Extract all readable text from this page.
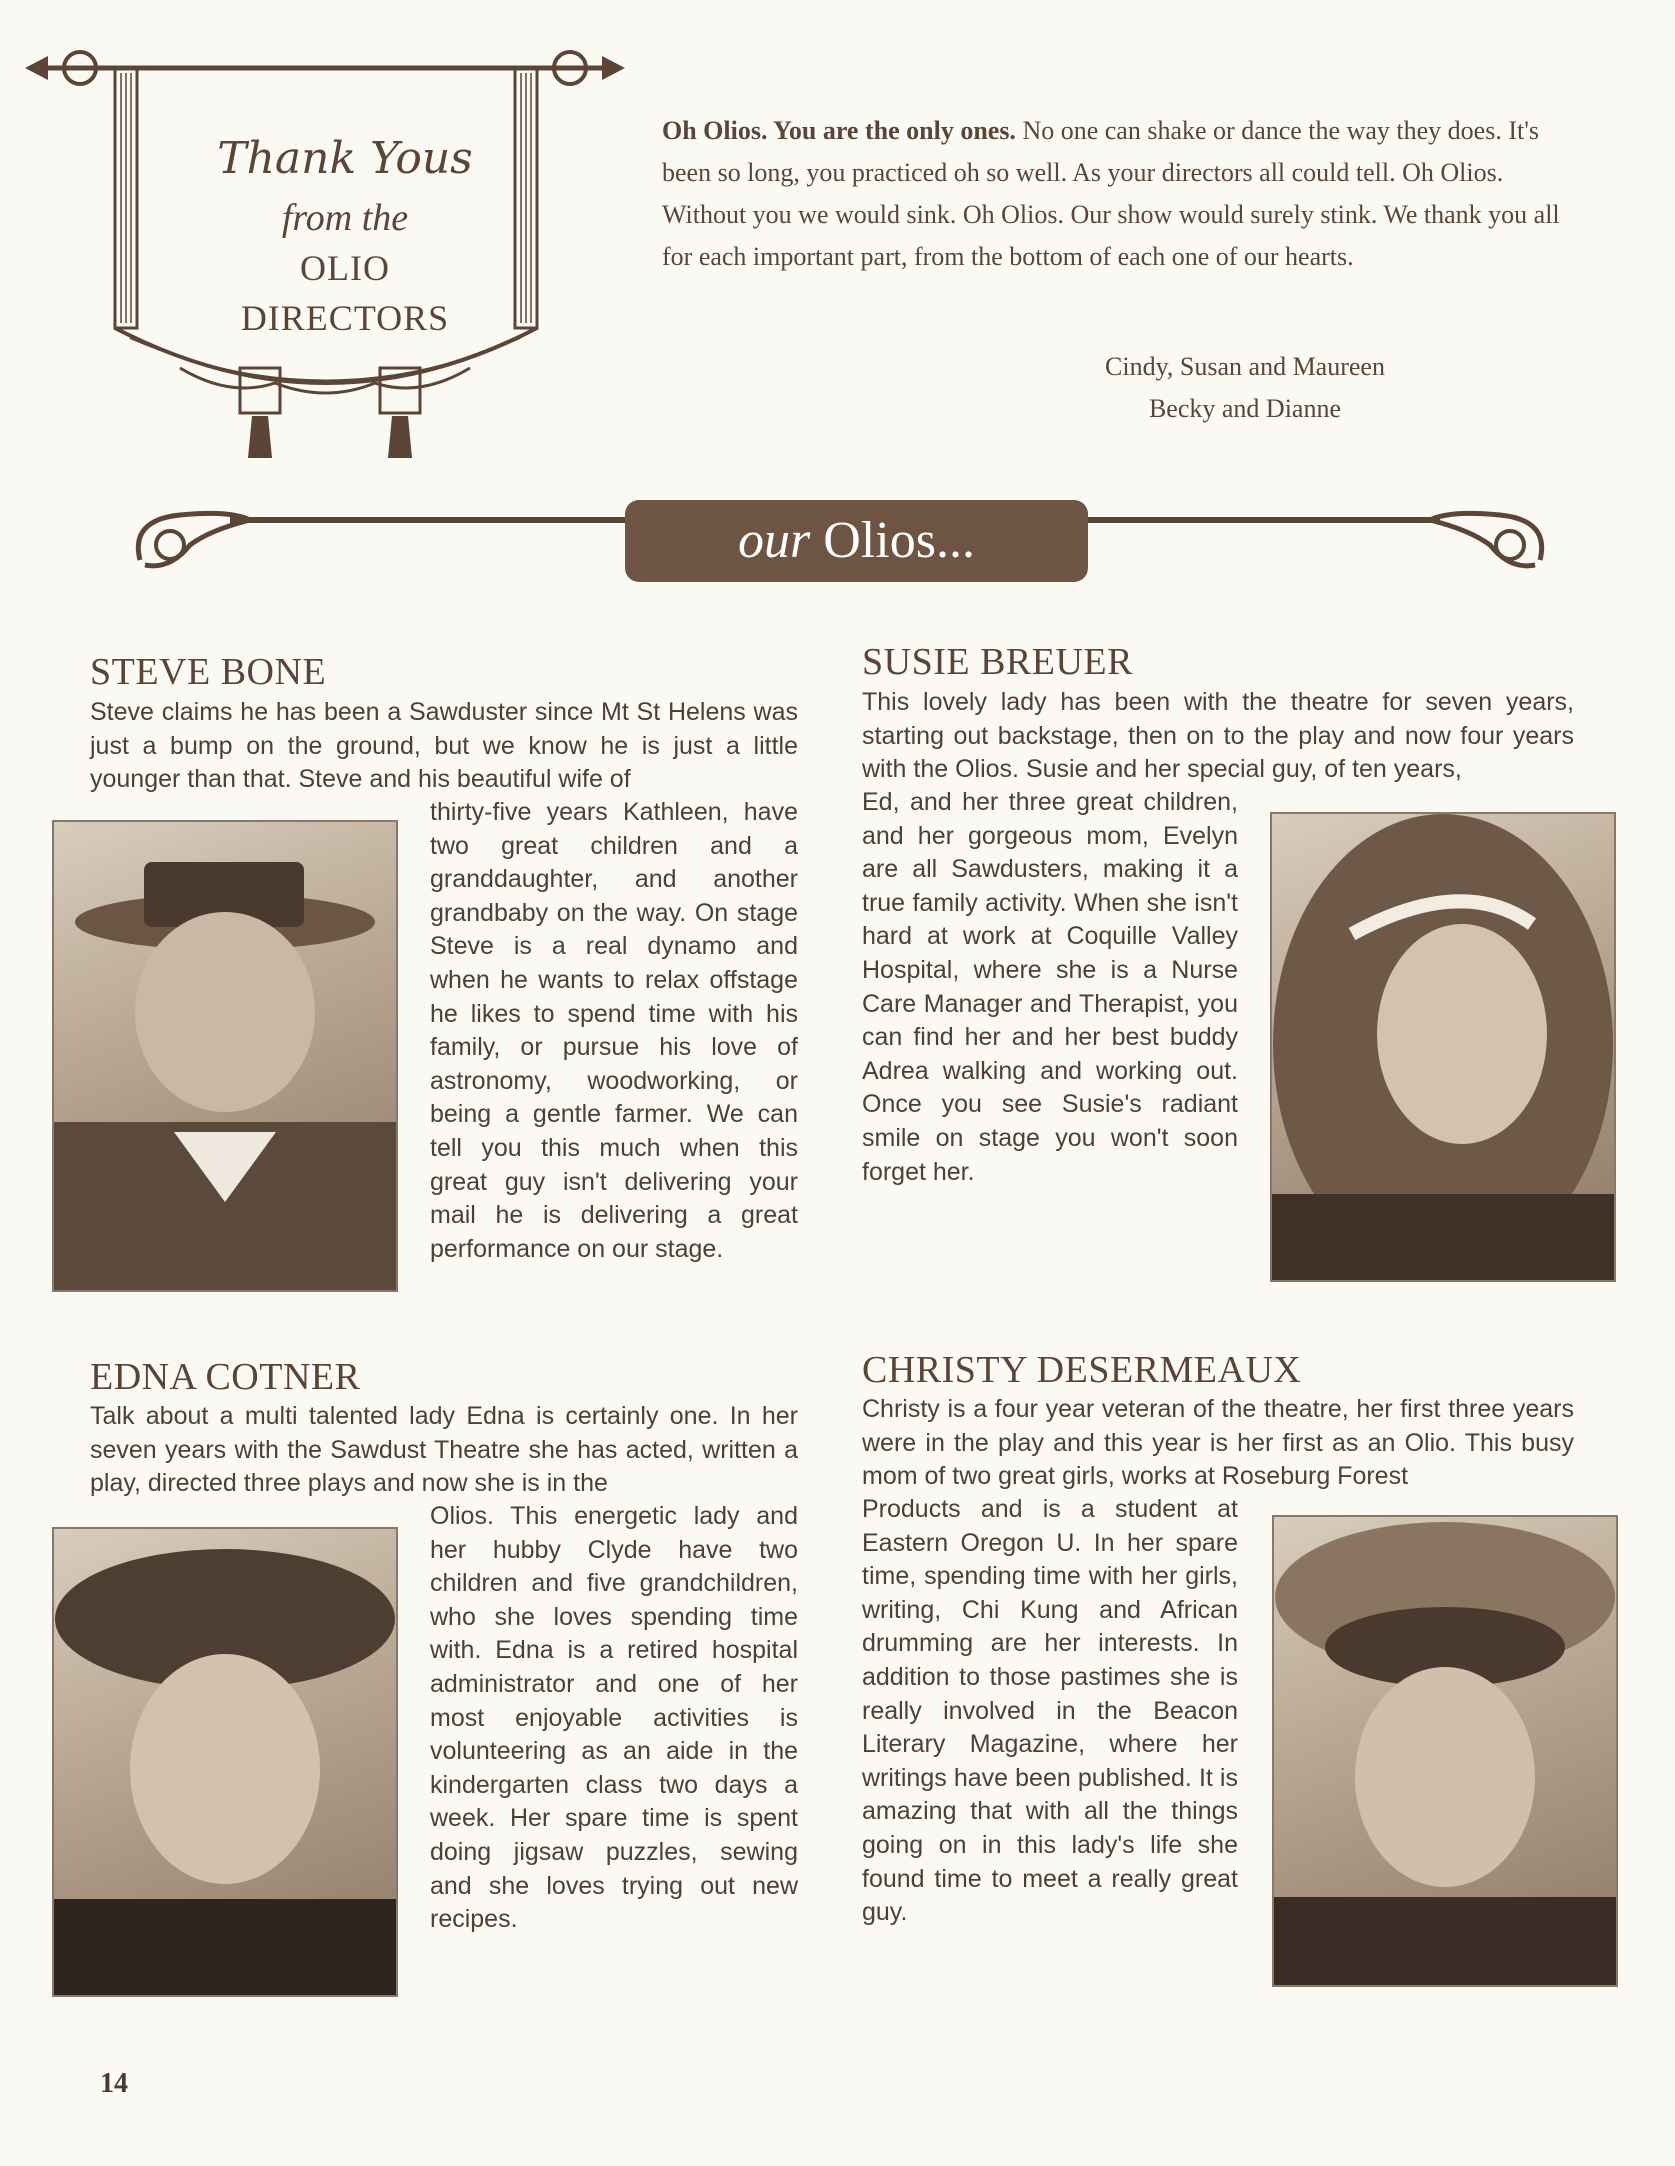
Thank Yous
from the
OLIO
DIRECTORS
Oh Olios. You are the only ones. No one can shake or dance the way they does. It's been so long, you practiced oh so well. As your directors all could tell. Oh Olios. Without you we would sink. Oh Olios. Our show would surely stink. We thank you all for each important part, from the bottom of each one of our hearts.
Cindy, Susan and Maureen
Becky and Dianne
our Olios...
STEVE BONE
Steve claims he has been a Sawduster since Mt St Helens was just a bump on the ground, but we know he is just a little younger than that. Steve and his beautiful wife of
thirty-five years Kathleen, have two great children and a granddaughter, and another grandbaby on the way. On stage Steve is a real dynamo and when he wants to relax offstage he likes to spend time with his family, or pursue his love of astronomy, woodworking, or being a gentle farmer. We can tell you this much when this great guy isn't delivering your mail he is delivering a great performance on our stage.
SUSIE BREUER
This lovely lady has been with the theatre for seven years, starting out backstage, then on to the play and now four years with the Olios. Susie and her special guy, of ten years,
Ed, and her three great children, and her gorgeous mom, Evelyn are all Sawdusters, making it a true family activity. When she isn't hard at work at Coquille Valley Hospital, where she is a Nurse Care Manager and Therapist, you can find her and her best buddy Adrea walking and working out. Once you see Susie's radiant smile on stage you won't soon forget her.
EDNA COTNER
Talk about a multi talented lady Edna is certainly one. In her seven years with the Sawdust Theatre she has acted, written a play, directed three plays and now she is in the
Olios. This energetic lady and her hubby Clyde have two children and five grandchildren, who she loves spending time with. Edna is a retired hospital administrator and one of her most enjoyable activities is volunteering as an aide in the kindergarten class two days a week. Her spare time is spent doing jigsaw puzzles, sewing and she loves trying out new recipes.
CHRISTY DESERMEAUX
Christy is a four year veteran of the theatre, her first three years were in the play and this year is her first as an Olio. This busy mom of two great girls, works at Roseburg Forest
Products and is a student at Eastern Oregon U. In her spare time, spending time with her girls, writing, Chi Kung and African drumming are her interests. In addition to those pastimes she is really involved in the Beacon Literary Magazine, where her writings have been published. It is amazing that with all the things going on in this lady's life she found time to meet a really great guy.
14
